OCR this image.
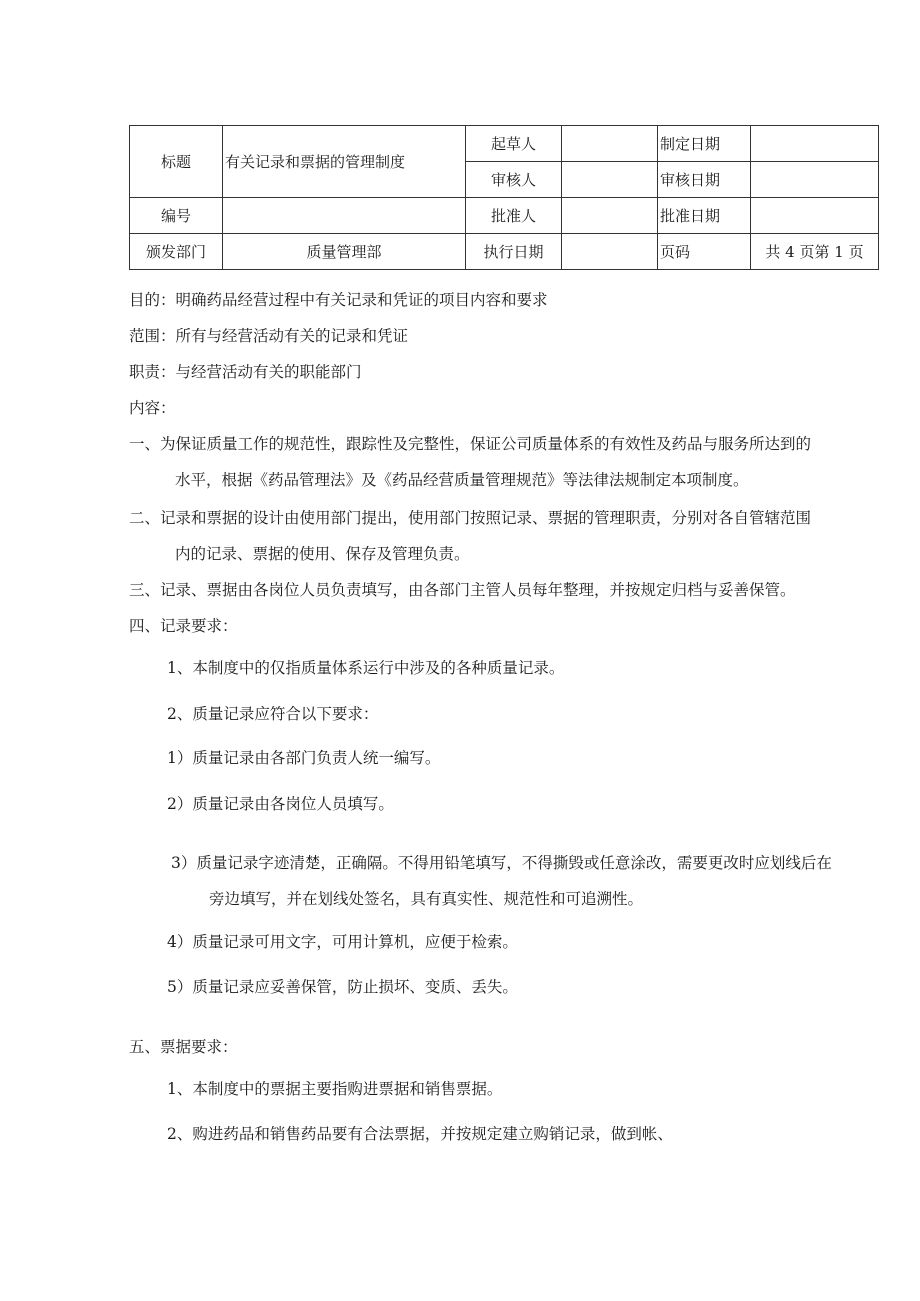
标题	有关记录和票据的管理制度	起草人		制定日期	
		审核人		审核日期	
编号		批准人		批准日期	
颁发部门	质量管理部	执行日期		页码	共 4 页第 1 页
目的：明确药品经营过程中有关记录和凭证的项目内容和要求
范围：所有与经营活动有关的记录和凭证
职责：与经营活动有关的职能部门
内容：
一、为保证质量工作的规范性，跟踪性及完整性，保证公司质量体系的有效性及药品与服务所达到的
水平，根据《药品管理法》及《药品经营质量管理规范》等法律法规制定本项制度。
二、记录和票据的设计由使用部门提出，使用部门按照记录、票据的管理职责，分别对各自管辖范围
内的记录、票据的使用、保存及管理负责。
三、记录、票据由各岗位人员负责填写，由各部门主管人员每年整理，并按规定归档与妥善保管。
四、记录要求：
1、本制度中的仅指质量体系运行中涉及的各种质量记录。
2、质量记录应符合以下要求：
1）质量记录由各部门负责人统一编写。
2）质量记录由各岗位人员填写。
3）质量记录字迹清楚，正确隔。不得用铅笔填写，不得撕毁或任意涂改，需要更改时应划线后在
旁边填写，并在划线处签名，具有真实性、规范性和可追溯性。
4）质量记录可用文字，可用计算机，应便于检索。
5）质量记录应妥善保管，防止损坏、变质、丢失。
五、票据要求：
1、本制度中的票据主要指购进票据和销售票据。
2、购进药品和销售药品要有合法票据，并按规定建立购销记录，做到帐、
